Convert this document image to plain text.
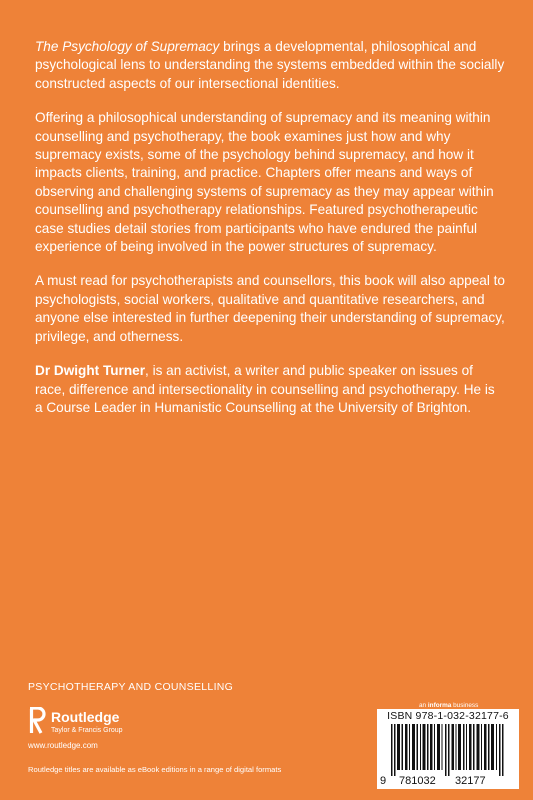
The Psychology of Supremacy brings a developmental, philosophical and psychological lens to understanding the systems embedded within the socially constructed aspects of our intersectional identities.

Offering a philosophical understanding of supremacy and its meaning within counselling and psychotherapy, the book examines just how and why supremacy exists, some of the psychology behind supremacy, and how it impacts clients, training, and practice. Chapters offer means and ways of observing and challenging systems of supremacy as they may appear within counselling and psychotherapy relationships. Featured psychotherapeutic case studies detail stories from participants who have endured the painful experience of being involved in the power structures of supremacy.

A must read for psychotherapists and counsellors, this book will also appeal to psychologists, social workers, qualitative and quantitative researchers, and anyone else interested in further deepening their understanding of supremacy, privilege, and otherness.

Dr Dwight Turner, is an activist, a writer and public speaker on issues of race, difference and intersectionality in counselling and psychotherapy. He is a Course Leader in Humanistic Counselling at the University of Brighton.

PSYCHOTHERAPY AND COUNSELLING
Routledge
Taylor & Francis Group
www.routledge.com
Routledge titles are available as eBook editions in a range of digital formats
an informa business
ISBN 978-1-032-32177-6
9 781032 32177
